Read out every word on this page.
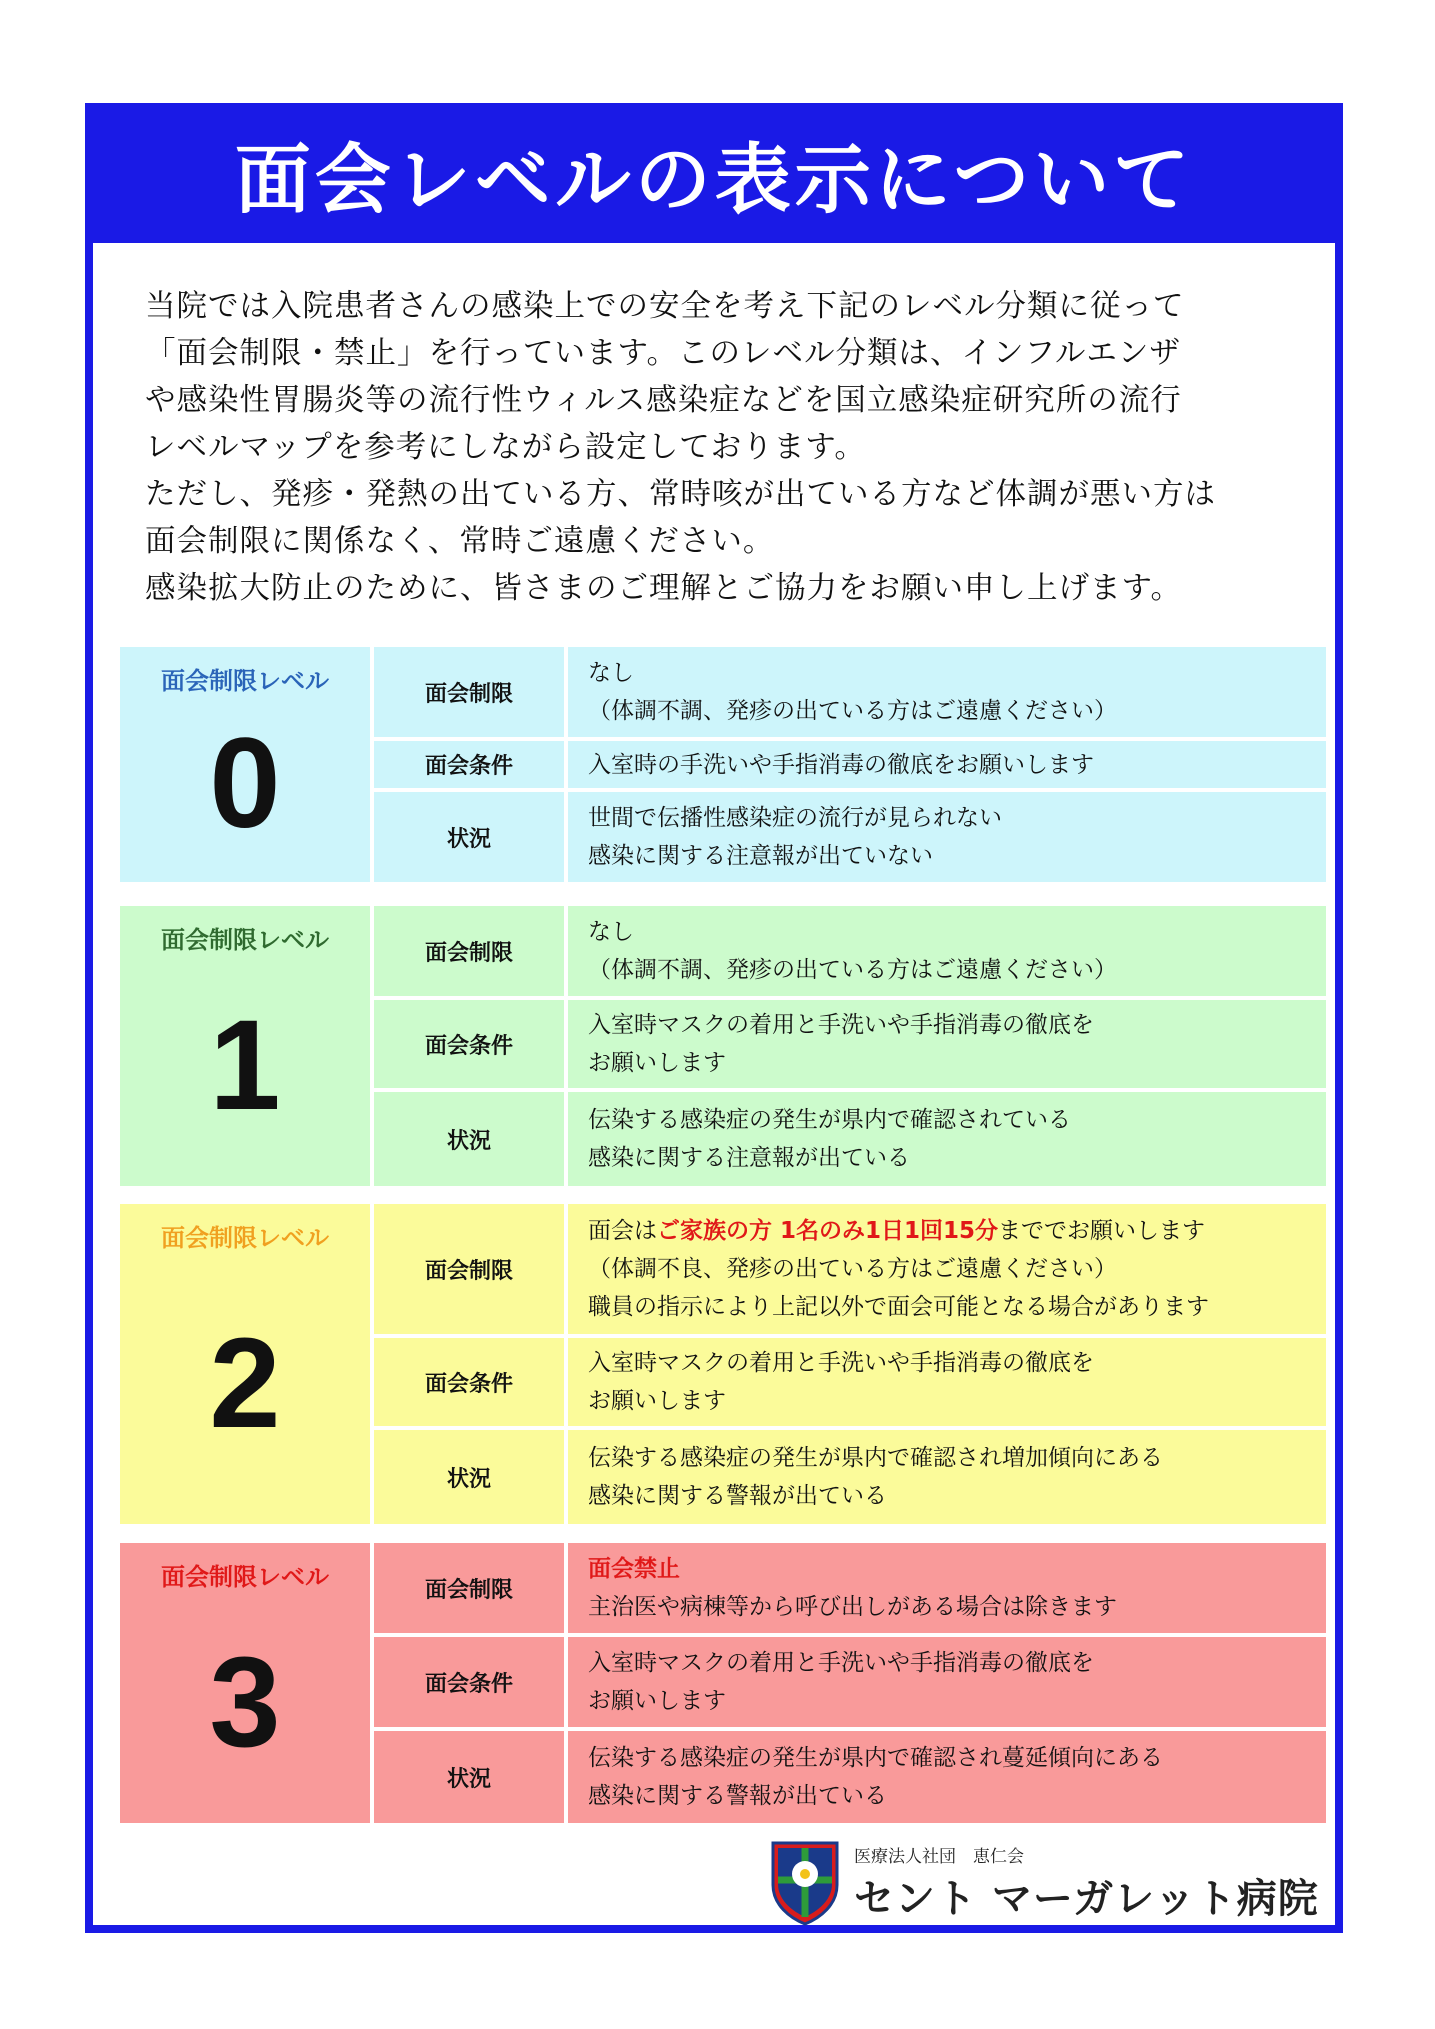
面会レベルの表示について

当院では入院患者さんの感染上での安全を考え下記のレベル分類に従って

「面会制限・禁止」を行っています。このレベル分類は、インフルエンザ

や感染性胃腸炎等の流行性ウィルス感染症などを国立感染症研究所の流行

レベルマップを参考にしながら設定しております。

ただし、発疹・発熱の出ている方、常時咳が出ている方など体調が悪い方は

面会制限に関係なく、常時ご遠慮ください。

感染拡大防止のために、皆さまのご理解とご協力をお願い申し上げます。

面会制限レベル
0
面会制限
なし
（体調不調、発疹の出ている方はご遠慮ください）
面会条件	入室時の手洗いや手指消毒の徹底をお願いします
状況
世間で伝播性感染症の流行が見られない
感染に関する注意報が出ていない
面会制限レベル
1
面会制限
なし
（体調不調、発疹の出ている方はご遠慮ください）
面会条件
入室時マスクの着用と手洗いや手指消毒の徹底を
お願いします
状況
伝染する感染症の発生が県内で確認されている
感染に関する注意報が出ている
面会制限レベル
2
面会制限
面会はご家族の方 1名のみ1日1回15分まででお願いします
（体調不良、発疹の出ている方はご遠慮ください）
職員の指示により上記以外で面会可能となる場合があります
面会条件
入室時マスクの着用と手洗いや手指消毒の徹底を
お願いします
状況
伝染する感染症の発生が県内で確認され増加傾向にある
感染に関する警報が出ている
面会制限レベル
3
面会制限
面会禁止
主治医や病棟等から呼び出しがある場合は除きます
面会条件
入室時マスクの着用と手洗いや手指消毒の徹底を
お願いします
状況
伝染する感染症の発生が県内で確認され蔓延傾向にある
感染に関する警報が出ている
医療法人社団　恵仁会
セント マーガレット病院
